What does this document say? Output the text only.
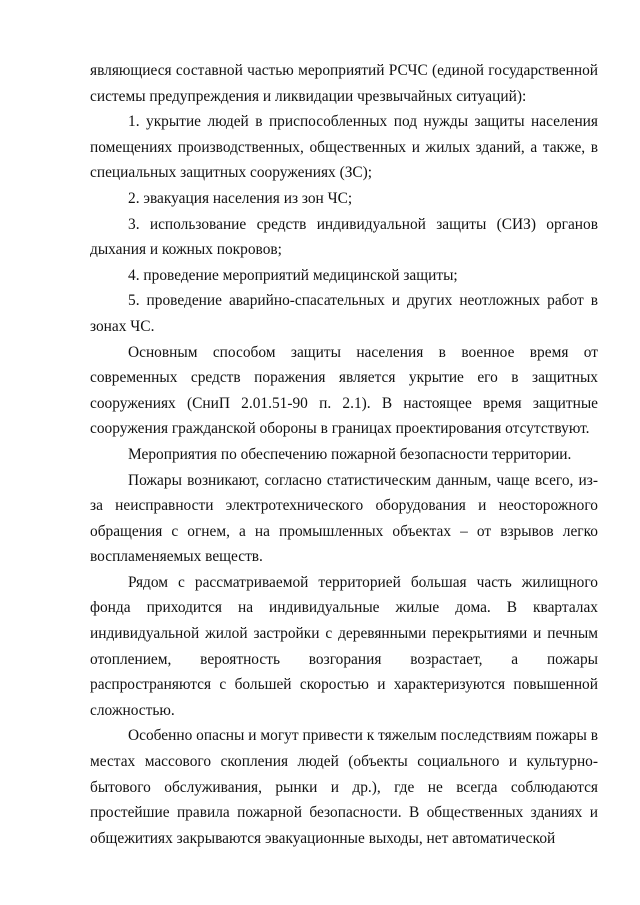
являющиеся составной частью мероприятий РСЧС (единой государственной системы предупреждения и ликвидации чрезвычайных ситуаций):

1. укрытие людей в приспособленных под нужды защиты населения помещениях производственных, общественных и жилых зданий, а также, в специальных защитных сооружениях (ЗС);

2. эвакуация населения из зон ЧС;

3. использование средств индивидуальной защиты (СИЗ) органов дыхания и кожных покровов;

4. проведение мероприятий медицинской защиты;

5. проведение аварийно-спасательных и других неотложных работ в зонах ЧС.

Основным способом защиты населения в военное время от современных средств поражения является укрытие его в защитных сооружениях (СниП 2.01.51-90 п. 2.1). В настоящее время защитные сооружения гражданской обороны в границах проектирования отсутствуют.

Мероприятия по обеспечению пожарной безопасности территории.

Пожары возникают, согласно статистическим данным, чаще всего, из-за неисправности электротехнического оборудования и неосторожного обращения с огнем, а на промышленных объектах – от взрывов легко воспламеняемых веществ.

Рядом с рассматриваемой территорией большая часть жилищного фонда приходится на индивидуальные жилые дома. В кварталах индивидуальной жилой застройки с деревянными перекрытиями и печным отоплением, вероятность возгорания возрастает, а пожары распространяются с большей скоростью и характеризуются повышенной сложностью.

Особенно опасны и могут привести к тяжелым последствиям пожары в местах массового скопления людей (объекты социального и культурно-бытового обслуживания, рынки и др.), где не всегда соблюдаются простейшие правила пожарной безопасности. В общественных зданиях и общежитиях закрываются эвакуационные выходы, нет автоматической
